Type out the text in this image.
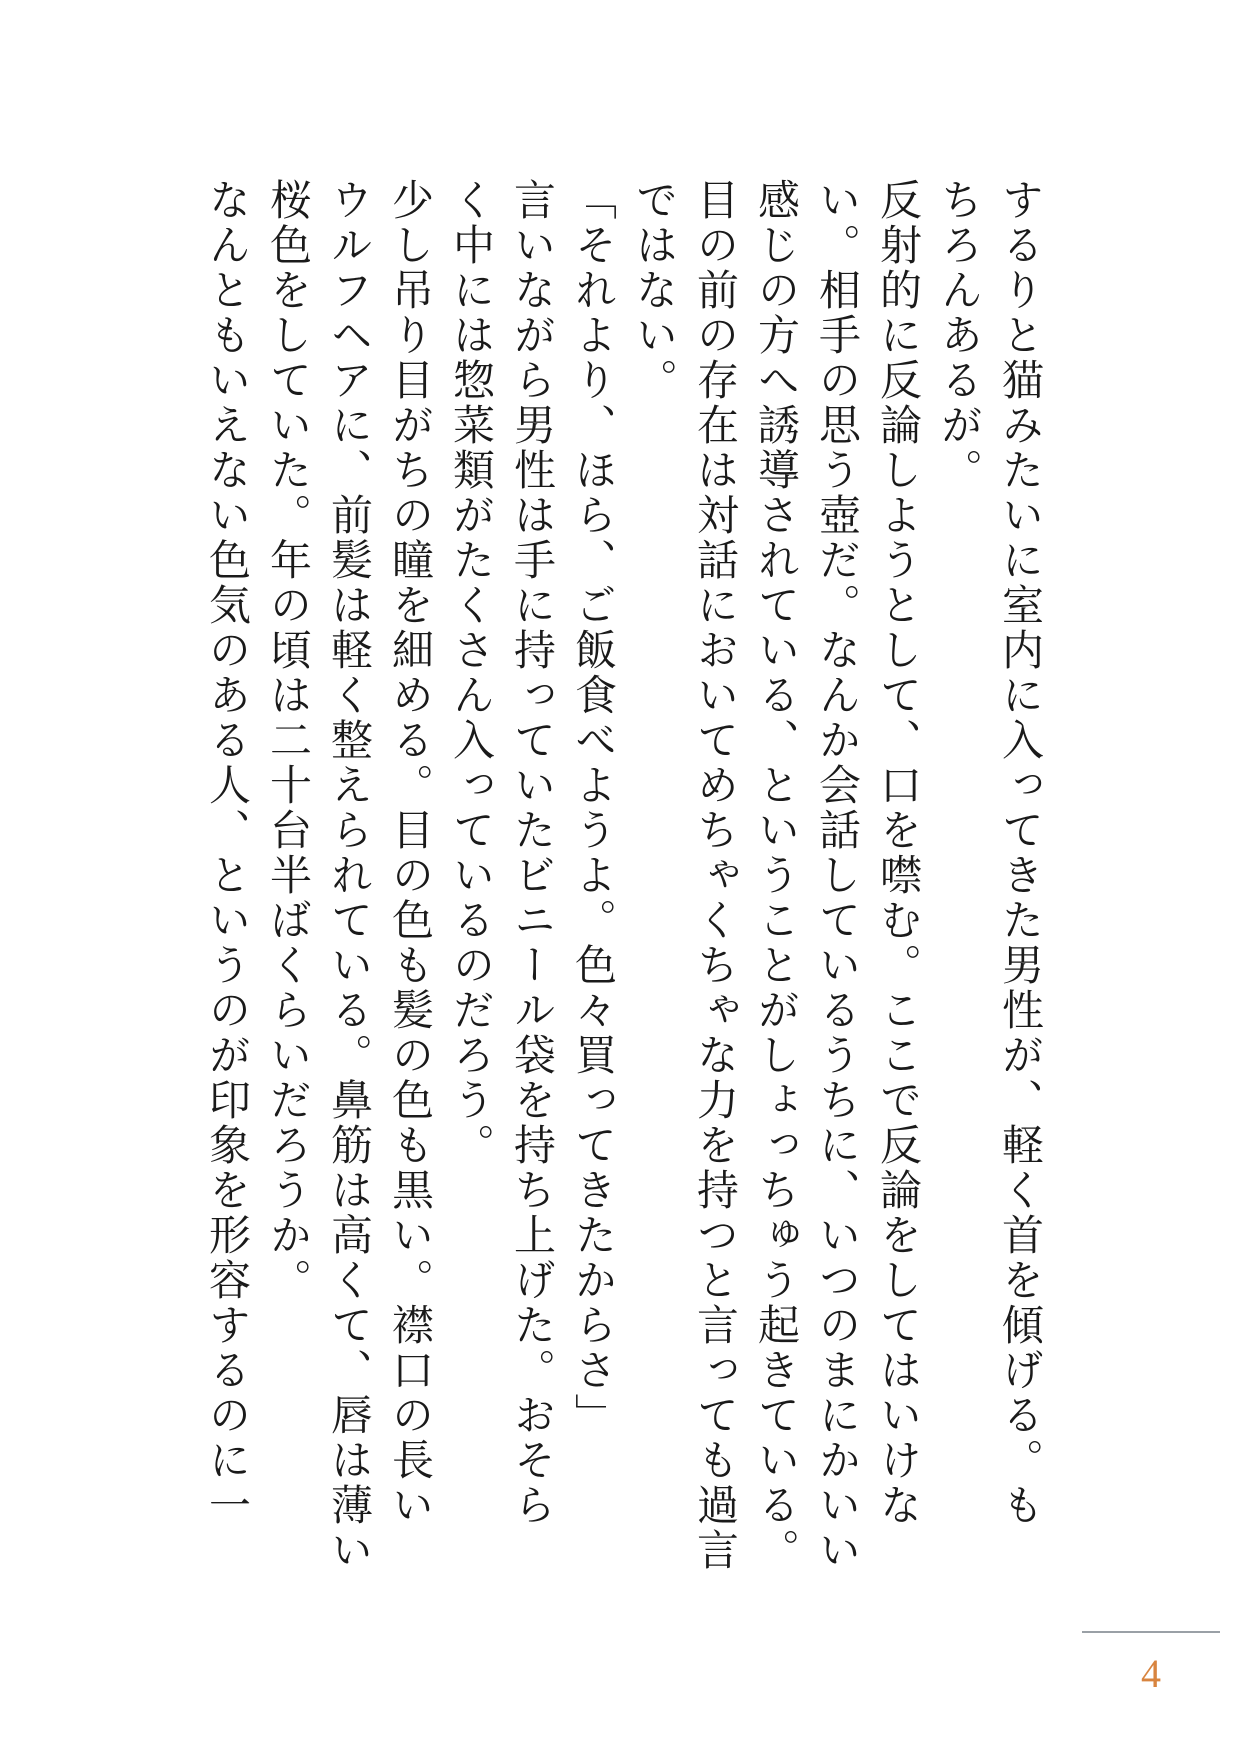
するりと猫みたいに室内に入ってきた男性が、軽く首を傾げる。も
ちろんあるが。
反射的に反論しようとして、口を噤む。ここで反論をしてはいけな
い。相手の思う壺だ。なんか会話しているうちに、いつのまにかいい
感じの方へ誘導されている、ということがしょっちゅう起きている。
目の前の存在は対話においてめちゃくちゃな力を持つと言っても過言
ではない。
「それより、ほら、ご飯食べようよ。色々買ってきたからさ」
言いながら男性は手に持っていたビニール袋を持ち上げた。おそら
く中には惣菜類がたくさん入っているのだろう。
少し吊り目がちの瞳を細める。目の色も髪の色も黒い。襟口の長い
ウルフヘアに、前髪は軽く整えられている。鼻筋は高くて、唇は薄い
桜色をしていた。年の頃は二十台半ばくらいだろうか。
なんともいえない色気のある人、というのが印象を形容するのに一
4
